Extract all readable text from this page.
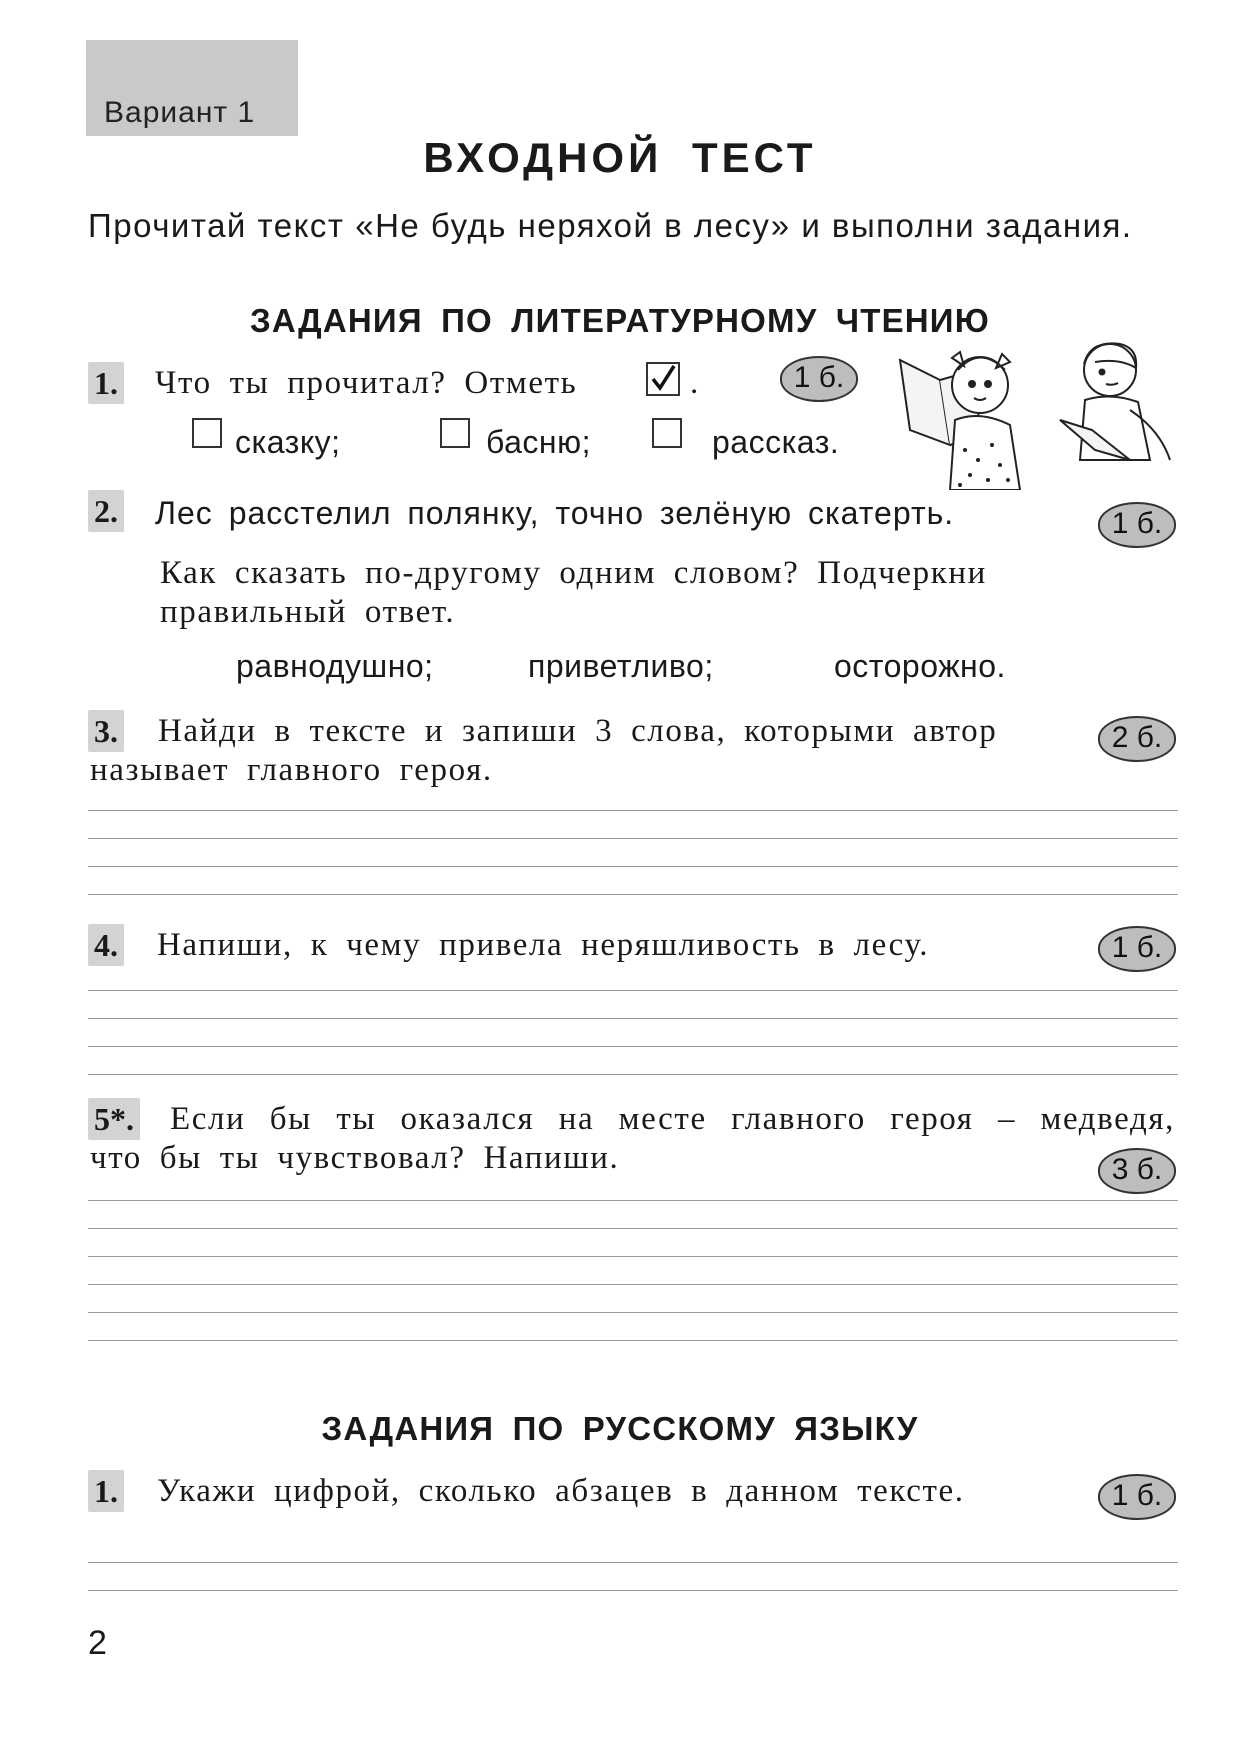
Вариант 1
ВХОДНОЙ ТЕСТ
Прочитай текст «Не будь неряхой в лесу» и выполни задания.
ЗАДАНИЯ ПО ЛИТЕРАТУРНОМУ ЧТЕНИЮ
1. Что ты прочитал? Отметь	.	1 б.
сказку;	басню;	рассказ.
2. Лес расстелил полянку, точно зелёную скатерть.	1 б.
Как сказать по-другому одним словом? Подчеркни правильный ответ.
равнодушно;	приветливо;	осторожно.
3.	Найди в тексте и запиши 3 слова, которыми автор называет главного героя.
2 б.
4. Напиши, к чему привела неряшливость в лесу.	1 б.
5*.	Если бы ты оказался на месте главного героя – медведя, что бы ты чувствовал? Напиши.	3 б.
ЗАДАНИЯ ПО РУССКОМУ ЯЗЫКУ
1. Укажи цифрой, сколько абзацев в данном тексте.	1 б.
2
